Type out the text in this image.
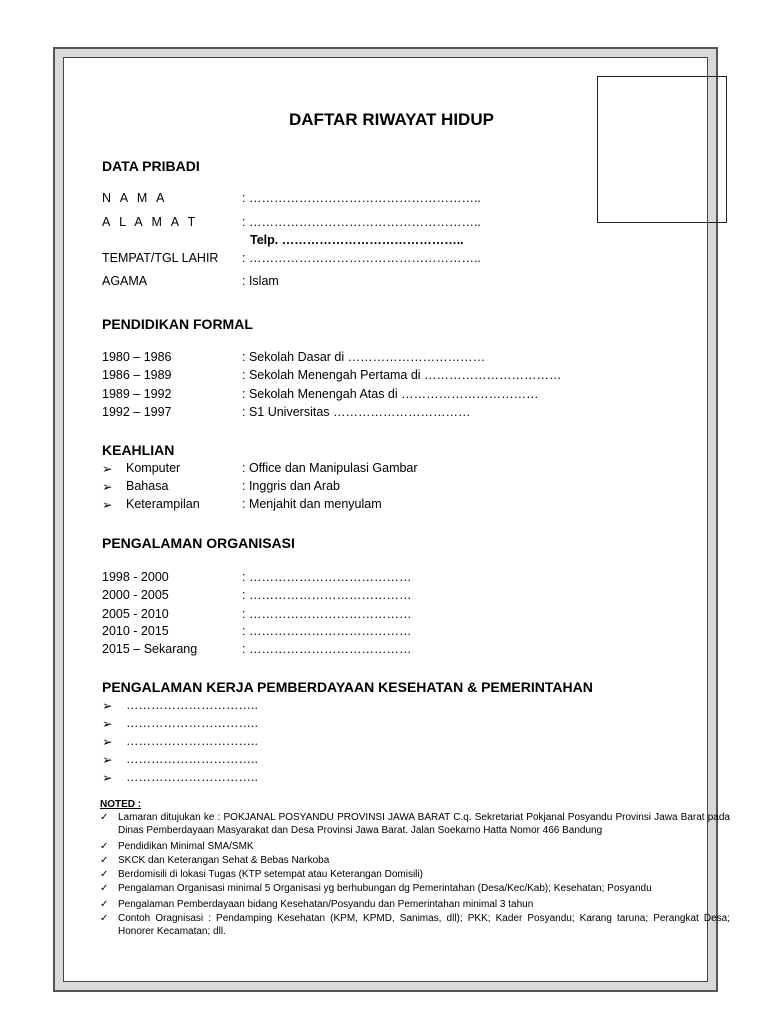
DAFTAR RIWAYAT HIDUP
DATA PRIBADI
N A M A	: ………………………………………………..
A L A M A T	: ………………………………………………..
Telp. ……………………………………..
TEMPAT/TGL LAHIR : ………………………………………………..
AGAMA	: Islam
PENDIDIKAN FORMAL
1980 – 1986	: Sekolah Dasar di ……………………………
1986 – 1989	: Sekolah Menengah Pertama di ……………………………
1989 – 1992	: Sekolah Menengah Atas di ……………………………
1992 – 1997	: S1 Universitas ……………………………
KEAHLIAN
➢ Komputer	: Office dan Manipulasi Gambar
➢ Bahasa	: Inggris dan Arab
➢ Keterampilan	: Menjahit dan menyulam
PENGALAMAN ORGANISASI
1998 - 2000	: …………………………………
2000 - 2005	: …………………………………
2005 - 2010	: …………………………………
2010 - 2015	: …………………………………
2015 – Sekarang	: …………………………………
PENGALAMAN KERJA PEMBERDAYAAN KESEHATAN & PEMERINTAHAN
➢ …………………………..
➢ …………………………..
➢ …………………………..
➢ …………………………..
➢ …………………………..
NOTED :
✓ Lamaran ditujukan ke : POKJANAL POSYANDU PROVINSI JAWA BARAT C.q. Sekretariat Pokjanal Posyandu Provinsi Jawa Barat pada Dinas Pemberdayaan Masyarakat dan Desa Provinsi Jawa Barat. Jalan Soekarno Hatta Nomor 466 Bandung
✓ Pendidikan Minimal SMA/SMK
✓ SKCK dan Keterangan Sehat & Bebas Narkoba
✓ Berdomisili di lokasi Tugas (KTP setempat atau Keterangan Domisili)
✓ Pengalaman Organisasi minimal 5 Organisasi yg berhubungan dg Pemerintahan (Desa/Kec/Kab); Kesehatan; Posyandu
✓ Pengalaman Pemberdayaan bidang Kesehatan/Posyandu dan Pemerintahan minimal 3 tahun
✓ Contoh Oragnisasi : Pendamping Kesehatan (KPM, KPMD, Sanimas, dll); PKK; Kader Posyandu; Karang taruna; Perangkat Desa; Honorer Kecamatan; dll.
